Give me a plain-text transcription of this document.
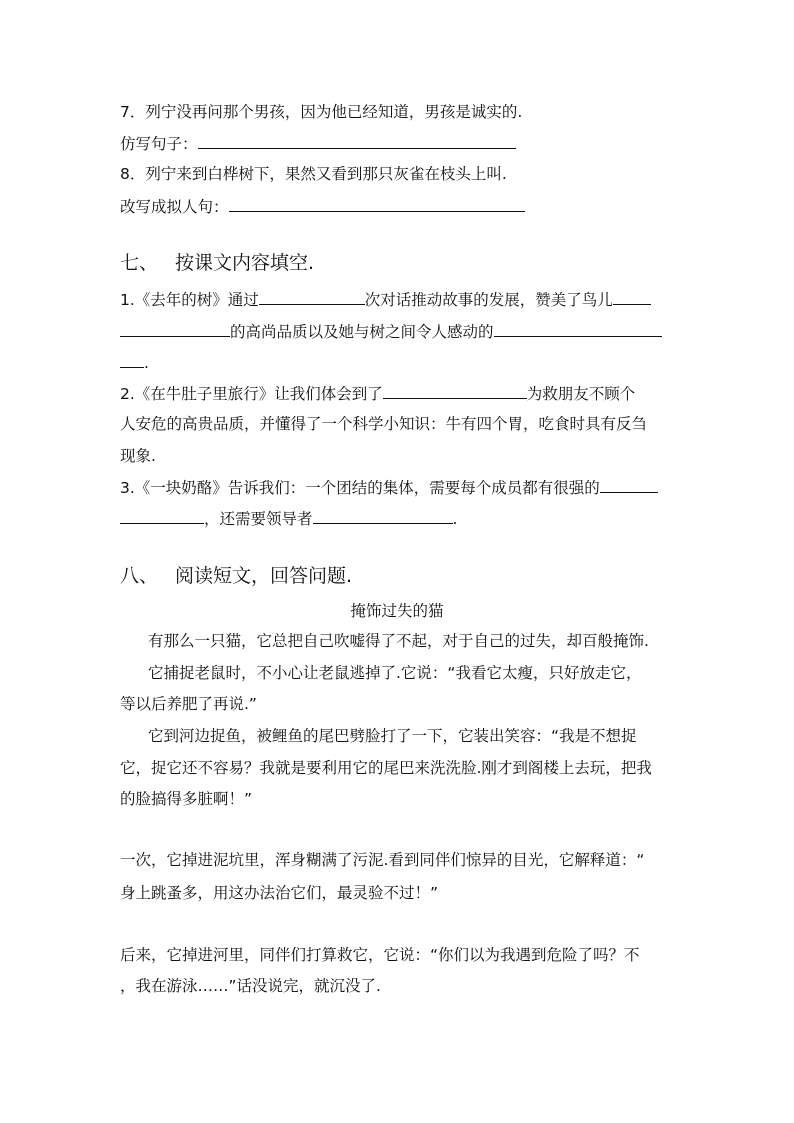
7．列宁没再问那个男孩，因为他已经知道，男孩是诚实的.
仿写句子：
8．列宁来到白桦树下，果然又看到那只灰雀在枝头上叫.
改写成拟人句：
七、 按课文内容填空.
1.《去年的树》通过	次对话推动故事的发展，赞美了鸟儿
的高尚品质以及她与树之间令人感动的
.
2.《在牛肚子里旅行》让我们体会到了	为救朋友不顾个
人安危的高贵品质，并懂得了一个科学小知识：牛有四个胃，吃食时具有反刍
现象.
3.《一块奶酪》告诉我们：一个团结的集体，需要每个成员都有很强的
，还需要领导者	.
八、 阅读短文，回答问题.
掩饰过失的猫
有那么一只猫，它总把自己吹嘘得了不起，对于自己的过失，却百般掩饰.
它捕捉老鼠时，不小心让老鼠逃掉了.它说：“我看它太瘦，只好放走它，
等以后养肥了再说.”
它到河边捉鱼，被鲤鱼的尾巴劈脸打了一下，它装出笑容：“我是不想捉
它，捉它还不容易？我就是要利用它的尾巴来洗洗脸.刚才到阁楼上去玩，把我
的脸搞得多脏啊！”
一次，它掉进泥坑里，浑身糊满了污泥.看到同伴们惊异的目光，它解释道：“
身上跳蚤多，用这办法治它们，最灵验不过！”
后来，它掉进河里，同伴们打算救它，它说：“你们以为我遇到危险了吗？不
，我在游泳……”话没说完，就沉没了.
